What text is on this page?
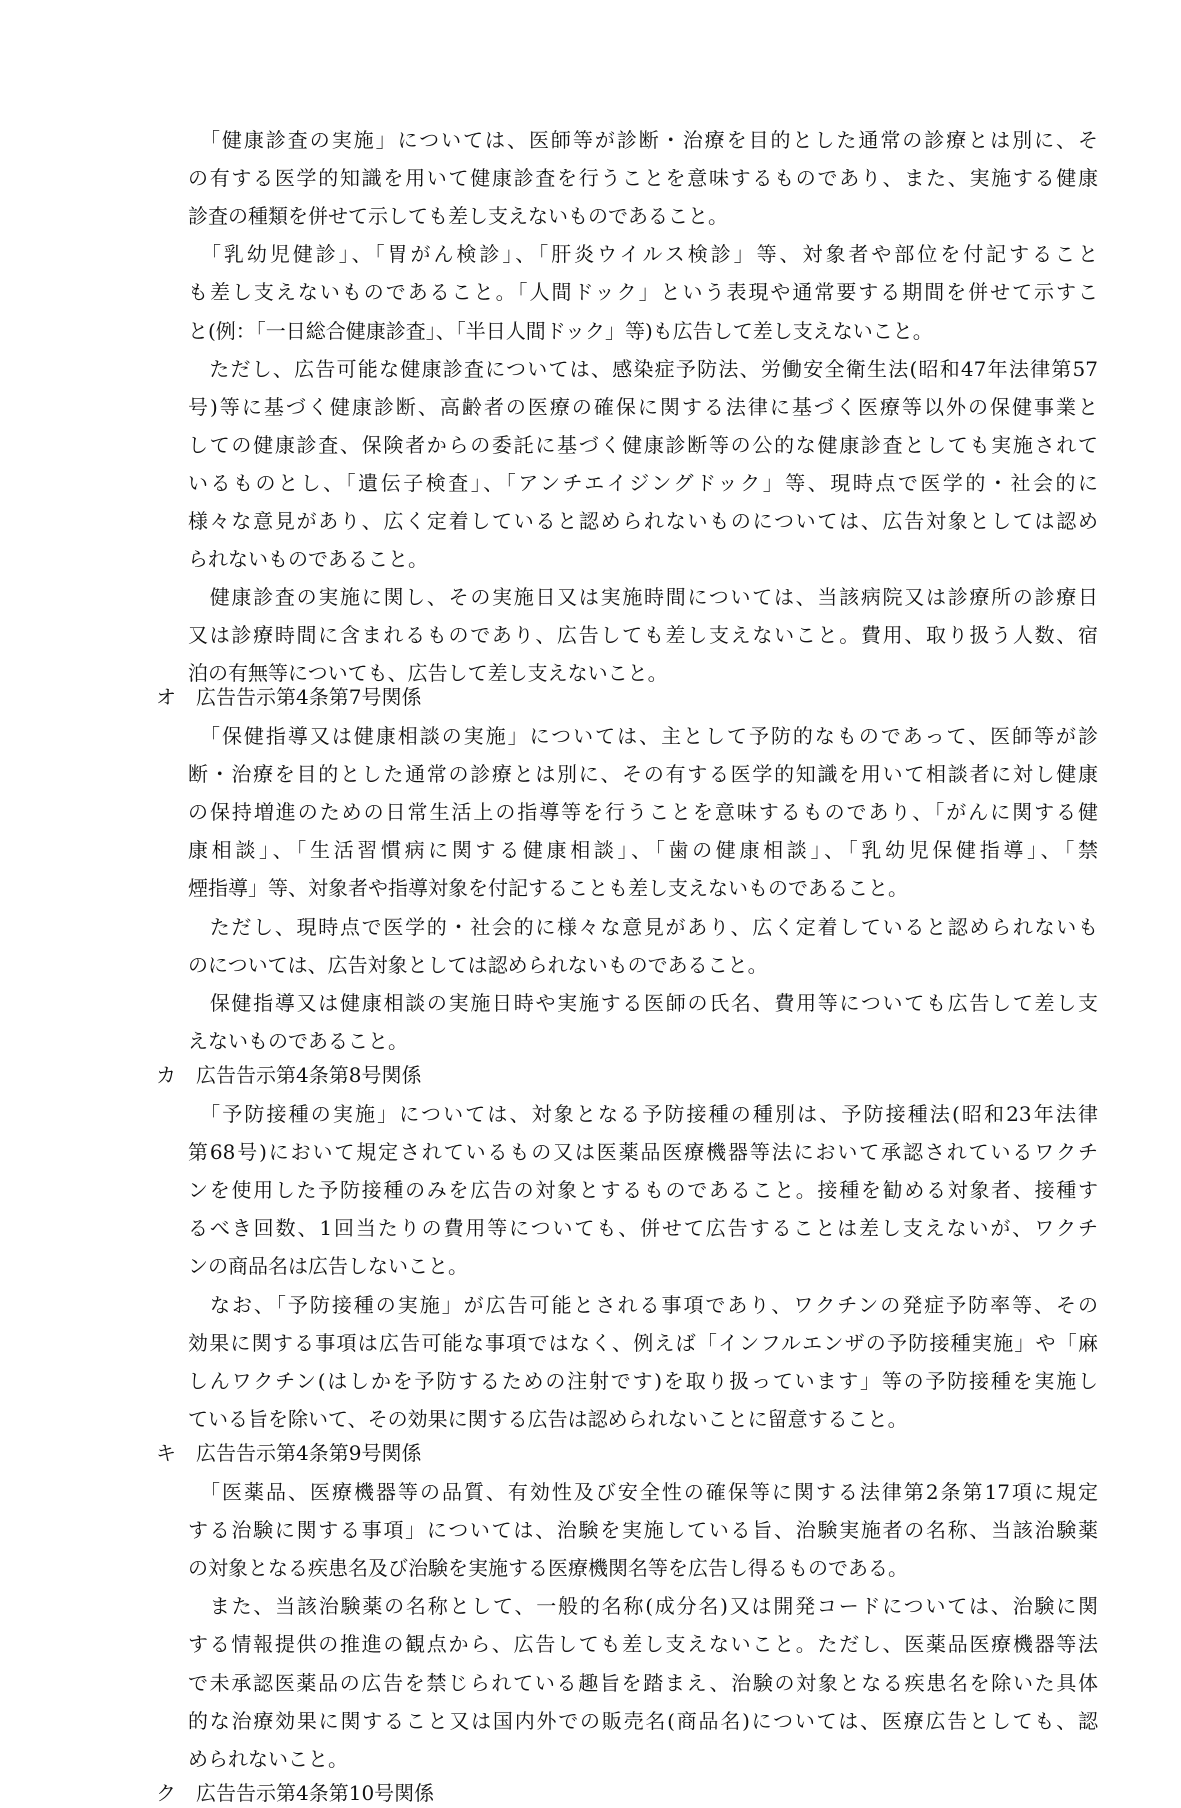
　「健康診査の実施」については、医師等が診断・治療を目的とした通常の診療とは別に、そ

の有する医学的知識を用いて健康診査を行うことを意味するものであり、また、実施する健康

診査の種類を併せて示しても差し支えないものであること。

　「乳幼児健診」、「胃がん検診」、「肝炎ウイルス検診」等、対象者や部位を付記すること

も差し支えないものであること。「人間ドック」という表現や通常要する期間を併せて示すこ

と(例：「一日総合健康診査」、「半日人間ドック」等)も広告して差し支えないこと。

　ただし、広告可能な健康診査については、感染症予防法、労働安全衛生法(昭和47年法律第57

号)等に基づく健康診断、高齢者の医療の確保に関する法律に基づく医療等以外の保健事業と

しての健康診査、保険者からの委託に基づく健康診断等の公的な健康診査としても実施されて

いるものとし、「遺伝子検査」、「アンチエイジングドック」等、現時点で医学的・社会的に

様々な意見があり、広く定着していると認められないものについては、広告対象としては認め

られないものであること。

　健康診査の実施に関し、その実施日又は実施時間については、当該病院又は診療所の診療日

又は診療時間に含まれるものであり、広告しても差し支えないこと。費用、取り扱う人数、宿

泊の有無等についても、広告して差し支えないこと。

オ　広告告示第4条第7号関係

　「保健指導又は健康相談の実施」については、主として予防的なものであって、医師等が診

断・治療を目的とした通常の診療とは別に、その有する医学的知識を用いて相談者に対し健康

の保持増進のための日常生活上の指導等を行うことを意味するものであり、「がんに関する健

康相談」、「生活習慣病に関する健康相談」、「歯の健康相談」、「乳幼児保健指導」、「禁

煙指導」等、対象者や指導対象を付記することも差し支えないものであること。

　ただし、現時点で医学的・社会的に様々な意見があり、広く定着していると認められないも

のについては、広告対象としては認められないものであること。

　保健指導又は健康相談の実施日時や実施する医師の氏名、費用等についても広告して差し支

えないものであること。

カ　広告告示第4条第8号関係

　「予防接種の実施」については、対象となる予防接種の種別は、予防接種法(昭和23年法律

第68号)において規定されているもの又は医薬品医療機器等法において承認されているワクチ

ンを使用した予防接種のみを広告の対象とするものであること。接種を勧める対象者、接種す

るべき回数、1回当たりの費用等についても、併せて広告することは差し支えないが、ワクチ

ンの商品名は広告しないこと。

　なお、「予防接種の実施」が広告可能とされる事項であり、ワクチンの発症予防率等、その

効果に関する事項は広告可能な事項ではなく、例えば「インフルエンザの予防接種実施」や「麻

しんワクチン(はしかを予防するための注射です)を取り扱っています」等の予防接種を実施し

ている旨を除いて、その効果に関する広告は認められないことに留意すること。

キ　広告告示第4条第9号関係

　「医薬品、医療機器等の品質、有効性及び安全性の確保等に関する法律第2条第17項に規定

する治験に関する事項」については、治験を実施している旨、治験実施者の名称、当該治験薬

の対象となる疾患名及び治験を実施する医療機関名等を広告し得るものである。

　また、当該治験薬の名称として、一般的名称(成分名)又は開発コードについては、治験に関

する情報提供の推進の観点から、広告しても差し支えないこと。ただし、医薬品医療機器等法

で未承認医薬品の広告を禁じられている趣旨を踏まえ、治験の対象となる疾患名を除いた具体

的な治療効果に関すること又は国内外での販売名(商品名)については、医療広告としても、認

められないこと。

ク　広告告示第4条第10号関係
